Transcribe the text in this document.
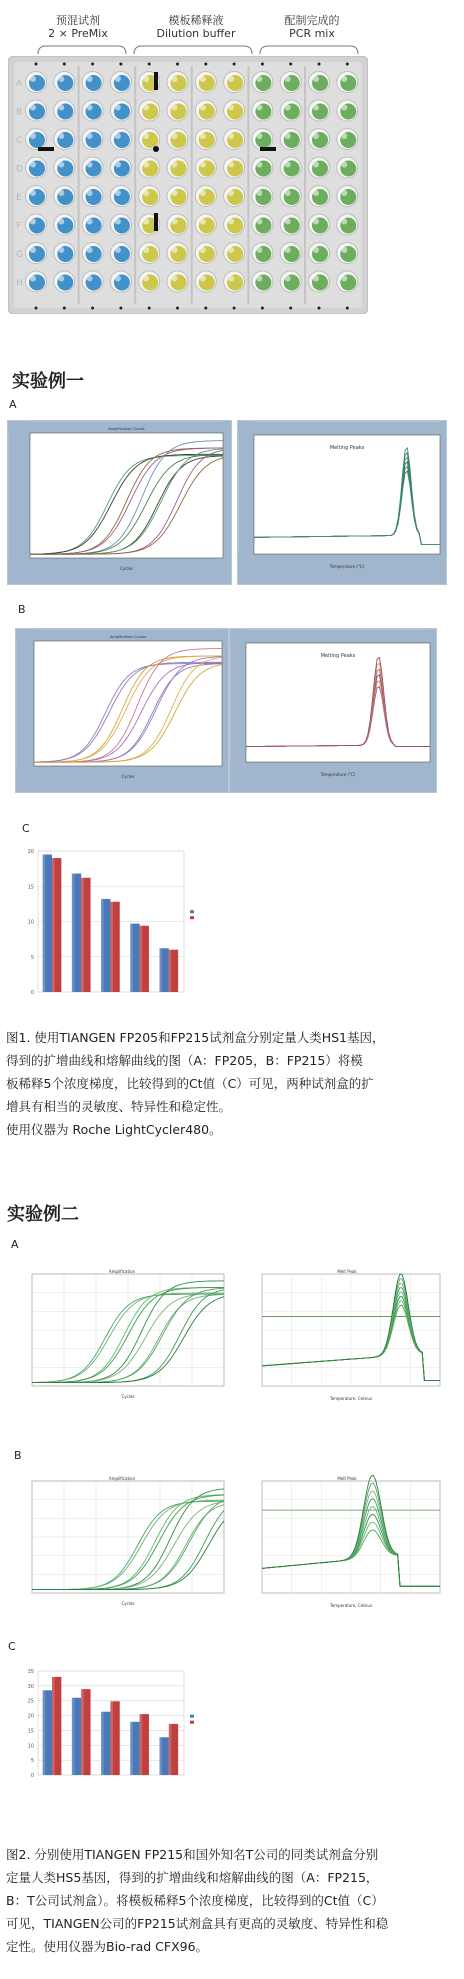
预混试剂
2 × PreMix
模板稀释液
Dilution buffer
配制完成的
PCR mix
A
B
C
D
E
F
G
H
实验例一
A
Amplification Curves
Cycles
Melting Peaks
Temperature (°C)
B
Amplification Curves
Cycles
Melting Peaks
Temperature (°C)
C
0
5
10
15
20
图1. 使用TIANGEN FP205和FP215试剂盒分别定量人类HS1基因，
得到的扩增曲线和熔解曲线的图（A：FP205，B：FP215）将模
板稀释5个浓度梯度，比较得到的Ct值（C）可见，两种试剂盒的扩
增具有相当的灵敏度、特异性和稳定性。
使用仪器为 Roche LightCycler480。
实验例二
A
Cycles
Amplification
Temperature, Celsius
Melt Peak
B
Cycles
Amplification
Temperature, Celsius
Melt Peak
C
0
5
10
15
20
25
30
35
图2. 分别使用TIANGEN FP215和国外知名T公司的同类试剂盒分别
定量人类HS5基因，得到的扩增曲线和熔解曲线的图（A：FP215，
B：T公司试剂盒）。将模板稀释5个浓度梯度，比较得到的Ct值（C）
可见，TIANGEN公司的FP215试剂盒具有更高的灵敏度、特异性和稳
定性。使用仪器为Bio-rad CFX96。
